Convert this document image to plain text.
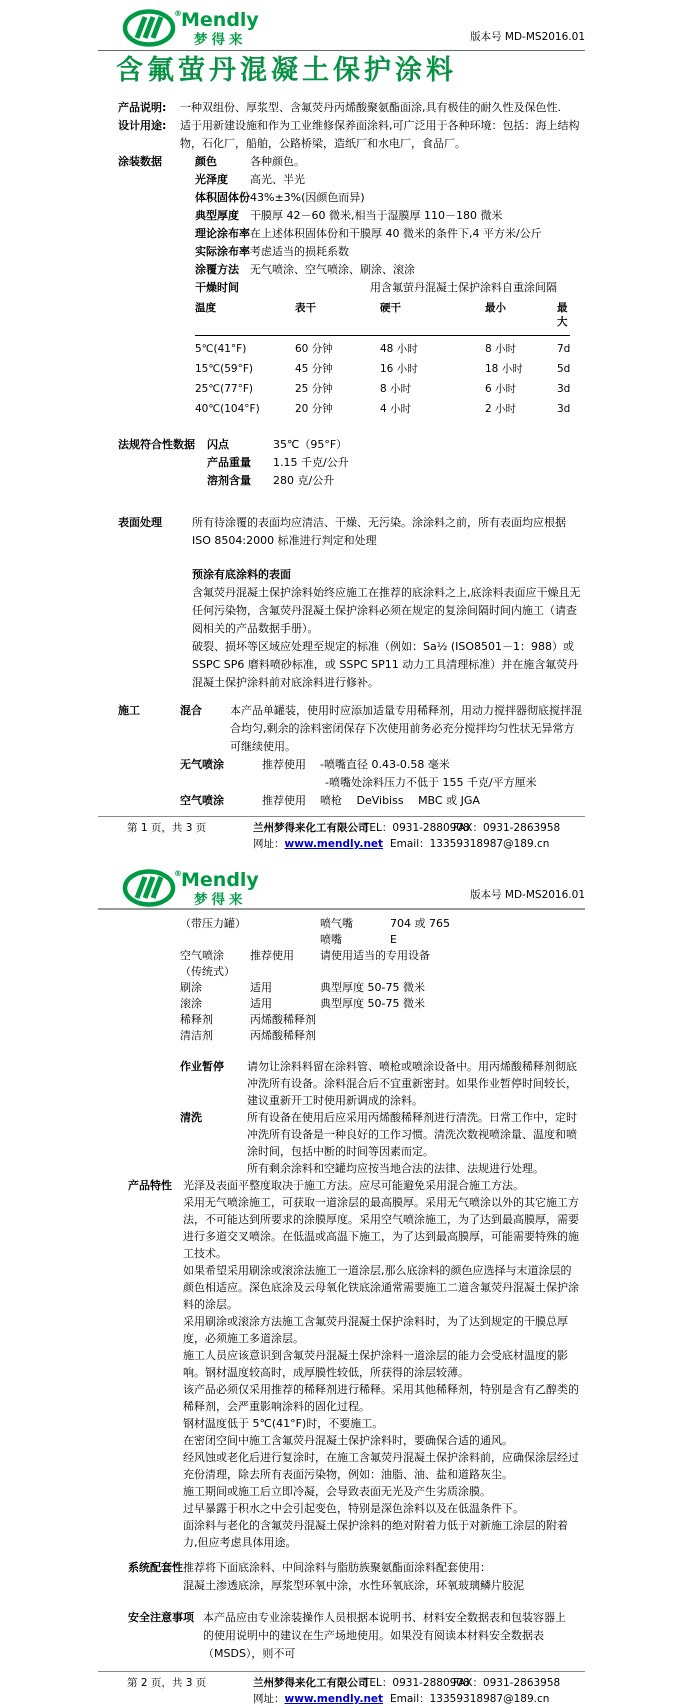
® Mendly
梦得来	版本号 MD-MS2016.01
含氟萤丹混凝土保护涂料
产品说明:	一种双组份、厚浆型、含氟荧丹丙烯酸聚氨酯面涂,具有极佳的耐久性及保色性.
设计用途:	适于用新建设施和作为工业维修保养面涂料,可广泛用于各种环境：包括：海上结构物，石化厂，船舶，公路桥梁，造纸厂和水电厂，食品厂。
涂装数据	颜色	各种颜色。
光泽度	高光、半光
体积固体份 43%±3%(因颜色而异)
典型厚度	干膜厚 42－60 微米,相当于湿膜厚 110－180 微米
理论涂布率 在上述体积固体份和干膜厚 40 微米的条件下,4 平方米/公斤
实际涂布率 考虑适当的损耗系数
涂覆方法	无气喷涂、空气喷涂、刷涂、滚涂
干燥时间	用含氟萤丹混凝土保护涂料自重涂间隔
温度	表干	硬干	最小	最大
5℃(41°F)	60 分钟	48 小时	8 小时	7d
15℃(59°F)	45 分钟	16 小时	18 小时	5d
25℃(77°F)	25 分钟	8 小时	6 小时	3d
40℃(104°F)	20 分钟	4 小时	2 小时	3d
法规符合性数据	闪点	35℃（95°F）
产品重量	1.15 千克/公升
溶剂含量	280 克/公升
表面处理	所有待涂覆的表面均应清洁、干燥、无污染。涂涂料之前，所有表面均应根据 ISO 8504:2000 标准进行判定和处理
预涂有底涂料的表面
含氟荧丹混凝土保护涂料始终应施工在推荐的底涂料之上,底涂料表面应干燥且无任何污染物，含氟荧丹混凝土保护涂料必须在规定的复涂间隔时间内施工（请查阅相关的产品数据手册）。
破裂、损坏等区域应处理至规定的标准（例如：Sa½ (ISO8501－1：988）或 SSPC SP6 磨料喷砂标准，或 SSPC SP11 动力工具清理标准）并在施含氟荧丹混凝土保护涂料前对底涂料进行修补。
施工	混合	本产品单罐装，使用时应添加适量专用稀释剂，用动力搅拌器彻底搅拌混合均匀,剩余的涂料密闭保存下次使用前务必充分搅拌均匀性状无异常方可继续使用。
无气喷涂	推荐使用	-喷嘴直径 0.43-0.58 毫米
-喷嘴处涂料压力不低于 155 千克/平方厘米
空气喷涂	推荐使用	喷枪　 DeVibiss 　MBC 或 JGA
第 1 页，共 3 页	兰州梦得来化工有限公司
TEL：0931-2880908
FAX：0931-2863958
网址：www.mendly.net Email：13359318987@189.cn
® Mendly
梦得来	版本号 MD-MS2016.01
（带压力罐）	喷气嘴	704 或 765
喷嘴	E
空气喷涂	推荐使用	请使用适当的专用设备
（传统式）
刷涂	适用	典型厚度 50-75 微米
滚涂	适用	典型厚度 50-75 微米
稀释剂	丙烯酸稀释剂
清洁剂	丙烯酸稀释剂
作业暂停	请勿让涂料料留在涂料管、喷枪或喷涂设备中。用丙烯酸稀释剂彻底冲洗所有设备。涂料混合后不宜重新密封。如果作业暂停时间较长，建议重新开工时使用新调成的涂料。
清洗	所有设备在使用后应采用丙烯酸稀释剂进行清洗。日常工作中，定时冲洗所有设备是一种良好的工作习惯。清洗次数视喷涂量、温度和喷涂时间，包括中断的时间等因素而定。
所有剩余涂料和空罐均应按当地合法的法律、法规进行处理。
产品特性	光泽及表面平整度取决于施工方法。应尽可能避免采用混合施工方法。
采用无气喷涂施工，可获取一道涂层的最高膜厚。采用无气喷涂以外的其它施工方法，不可能达到所要求的涂膜厚度。采用空气喷涂施工，为了达到最高膜厚，需要进行多道交叉喷涂。在低温或高温下施工，为了达到最高膜厚，可能需要特殊的施工技术。
如果希望采用刷涂或滚涂法施工一道涂层,那么底涂料的颜色应选择与末道涂层的颜色相适应。深色底涂及云母氧化铁底涂通常需要施工二道含氟荧丹混凝土保护涂料的涂层。
采用刷涂或滚涂方法施工含氟荧丹混凝土保护涂料时，为了达到规定的干膜总厚度，必须施工多道涂层。
施工人员应该意识到含氟荧丹混凝土保护涂料一道涂层的能力会受底材温度的影响。钢材温度较高时，成厚膜性较低，所获得的涂层较薄。
该产品必须仅采用推荐的稀释剂进行稀释。采用其他稀释剂，特别是含有乙醇类的稀释剂，会严重影响涂料的固化过程。
钢材温度低于 5℃(41°F)时，不要施工。
在密闭空间中施工含氟荧丹混凝土保护涂料时，要确保合适的通风。
经风蚀或老化后进行复涂时，在施工含氟荧丹混凝土保护涂料前，应确保涂层经过充份清理，除去所有表面污染物，例如：油脂、油、盐和道路灰尘。
施工期间或施工后立即冷凝，会导致表面无光及产生劣质涂膜。
过早暴露于积水之中会引起变色，特别是深色涂料以及在低温条件下。
面涂料与老化的含氟荧丹混凝土保护涂料的绝对附着力低于对新施工涂层的附着力,但应考虑具体用途。
系统配套性 推荐将下面底涂料、中间涂料与脂肪族聚氨酯面涂料配套使用：
混凝土渗透底涂，厚浆型环氧中涂，水性环氧底涂，环氧玻璃鳞片胶泥
安全注意事项 本产品应由专业涂装操作人员根据本说明书、材料安全数据表和包装容器上的使用说明中的建议在生产场地使用。如果没有阅读本材料安全数据表（MSDS），则不可
第 2 页，共 3 页	兰州梦得来化工有限公司
TEL：0931-2880908
FAX：0931-2863958
网址：www.mendly.net Email：13359318987@189.cn
